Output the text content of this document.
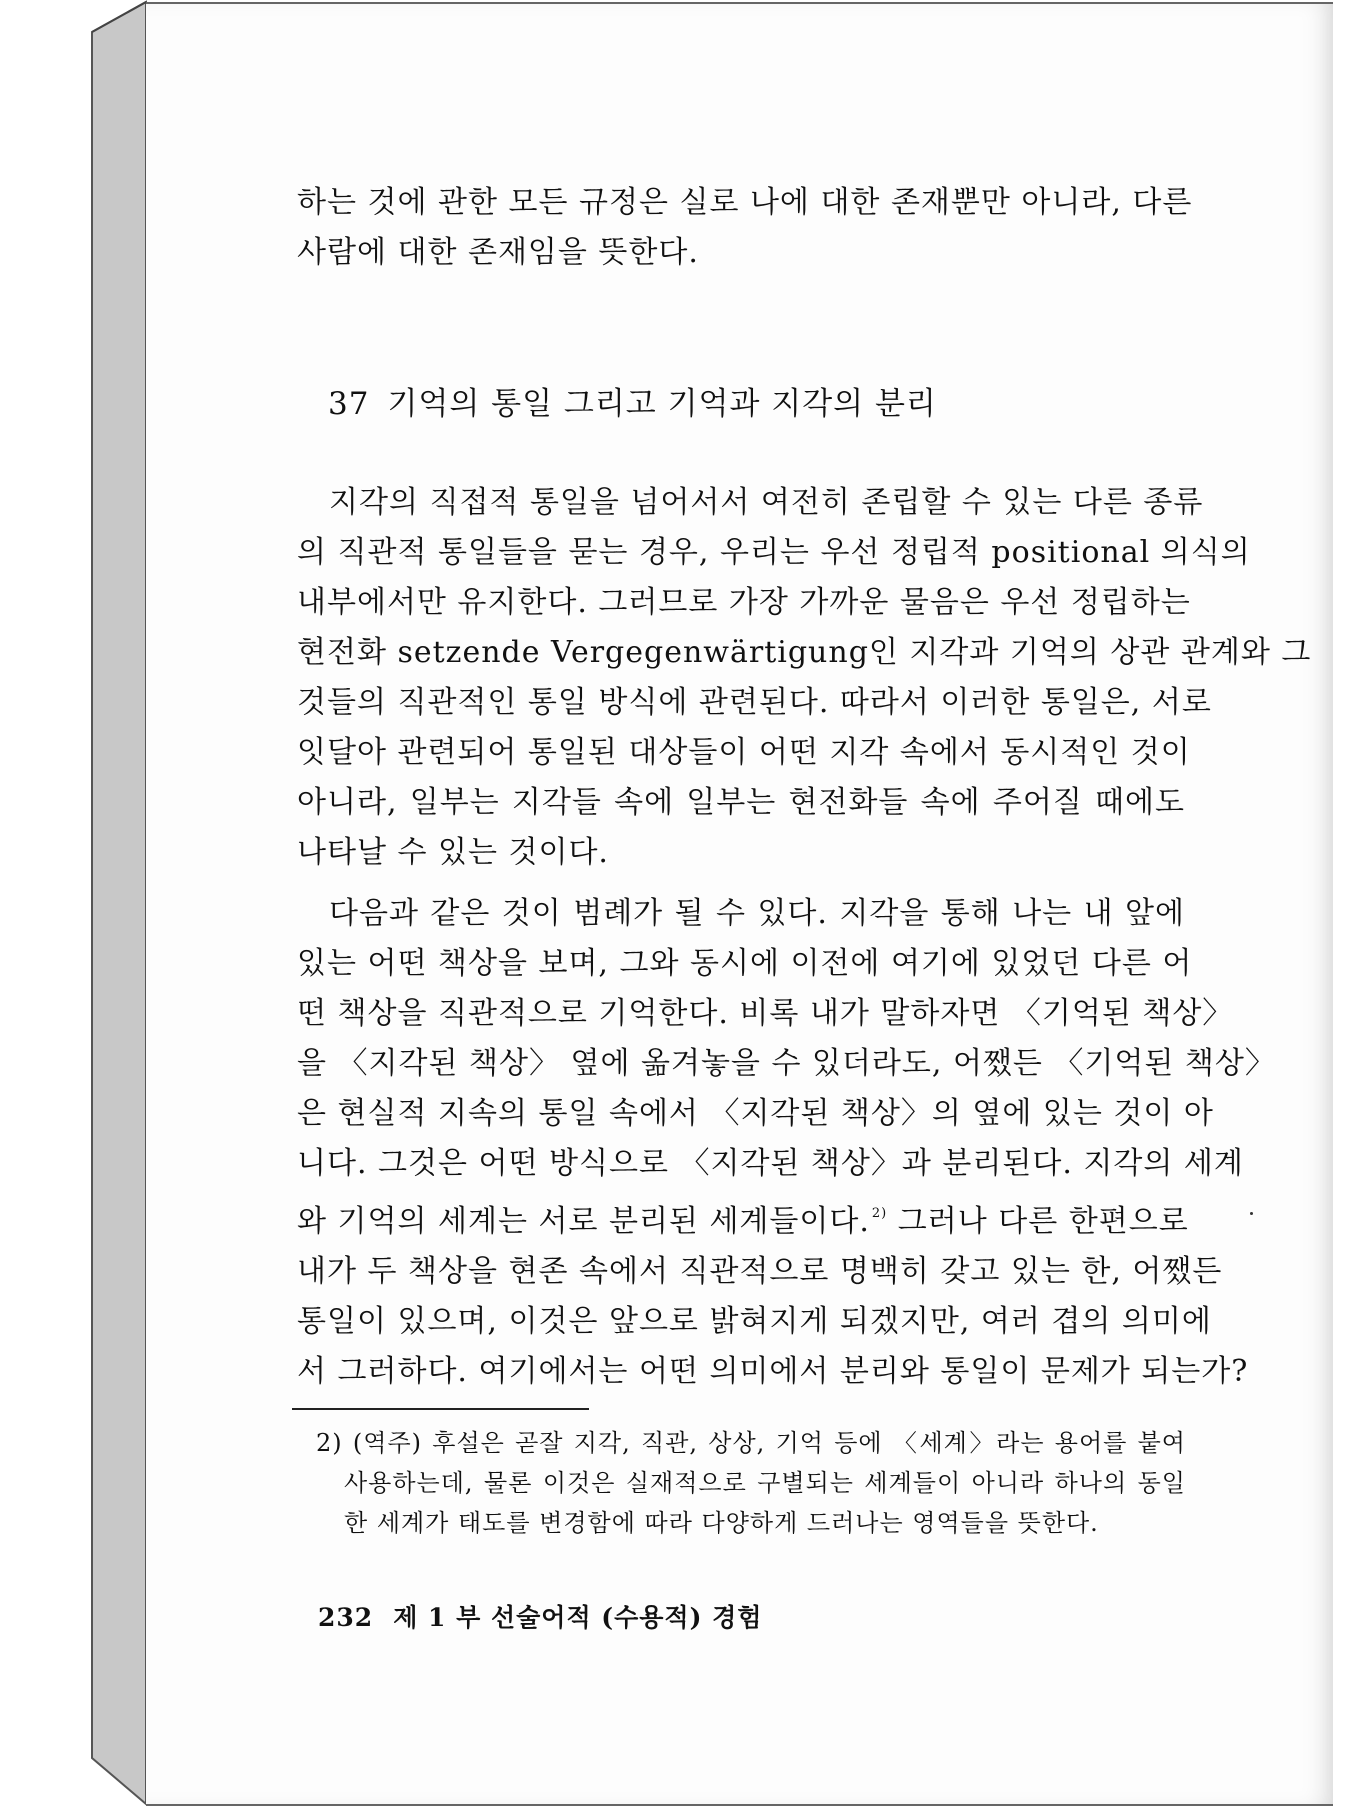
하는 것에 관한 모든 규정은 실로 나에 대한 존재뿐만 아니라, 다른
사람에 대한 존재임을 뜻한다.
37 기억의 통일 그리고 기억과 지각의 분리
지각의 직접적 통일을 넘어서서 여전히 존립할 수 있는 다른 종류
의 직관적 통일들을 묻는 경우, 우리는 우선 정립적 positional 의식의
내부에서만 유지한다. 그러므로 가장 가까운 물음은 우선 정립하는
현전화 setzende Vergegenwärtigung인 지각과 기억의 상관 관계와 그
것들의 직관적인 통일 방식에 관련된다. 따라서 이러한 통일은, 서로
잇달아 관련되어 통일된 대상들이 어떤 지각 속에서 동시적인 것이
아니라, 일부는 지각들 속에 일부는 현전화들 속에 주어질 때에도
나타날 수 있는 것이다.
다음과 같은 것이 범례가 될 수 있다. 지각을 통해 나는 내 앞에
있는 어떤 책상을 보며, 그와 동시에 이전에 여기에 있었던 다른 어
떤 책상을 직관적으로 기억한다. 비록 내가 말하자면 〈기억된 책상〉
을 〈지각된 책상〉 옆에 옮겨놓을 수 있더라도, 어쨌든 〈기억된 책상〉
은 현실적 지속의 통일 속에서 〈지각된 책상〉의 옆에 있는 것이 아
니다. 그것은 어떤 방식으로 〈지각된 책상〉과 분리된다. 지각의 세계
와 기억의 세계는 서로 분리된 세계들이다. $^{2)}$ 그러나 다른 한편으로
내가 두 책상을 현존 속에서 직관적으로 명백히 갖고 있는 한, 어쨌든
통일이 있으며, 이것은 앞으로 밝혀지게 되겠지만, 여러 겹의 의미에
서 그러하다. 여기에서는 어떤 의미에서 분리와 통일이 문제가 되는가?
2) (역주) 후설은 곧잘 지각, 직관, 상상, 기억 등에 〈세계〉라는 용어를 붙여
사용하는데, 물론 이것은 실재적으로 구별되는 세계들이 아니라 하나의 동일
한 세계가 태도를 변경함에 따라 다양하게 드러나는 영역들을 뜻한다.
232 제 1 부 선술어적 (수용적) 경험
